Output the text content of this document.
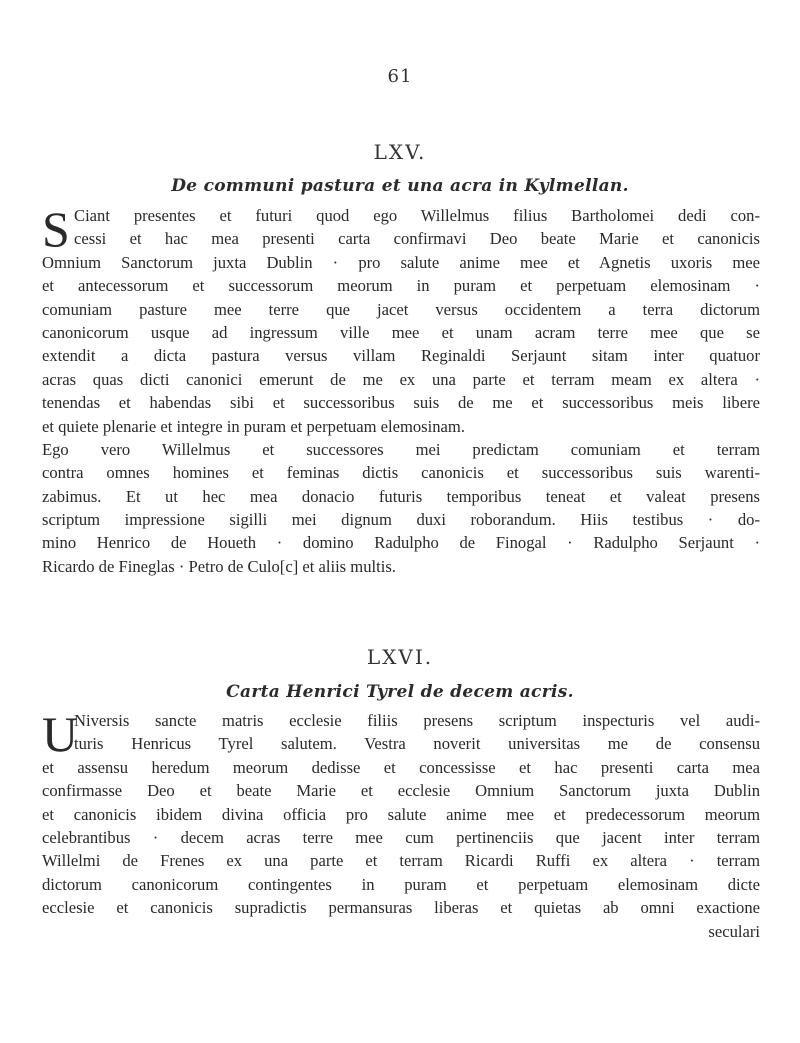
61
LXV.
De communi pastura et una acra in Kylmellan.
S Ciant presentes et futuri quod ego Willelmus filius Bartholomei dedi con-
cessi et hac mea presenti carta confirmavi Deo beate Marie et canonicis
Omnium Sanctorum juxta Dublin · pro salute anime mee et Agnetis uxoris mee
et antecessorum et successorum meorum in puram et perpetuam elemosinam ·
comuniam pasture mee terre que jacet versus occidentem a terra dictorum
canonicorum usque ad ingressum ville mee et unam acram terre mee que se
extendit a dicta pastura versus villam Reginaldi Serjaunt sitam inter quatuor
acras quas dicti canonici emerunt de me ex una parte et terram meam ex altera ·
tenendas et habendas sibi et successoribus suis de me et successoribus meis libere
et quiete plenarie et integre in puram et perpetuam elemosinam.
Ego vero Willelmus et successores mei predictam comuniam et terram
contra omnes homines et feminas dictis canonicis et successoribus suis warenti-
zabimus. Et ut hec mea donacio futuris temporibus teneat et valeat presens
scriptum impressione sigilli mei dignum duxi roborandum. Hiis testibus · do-
mino Henrico de Houeth · domino Radulpho de Finogal · Radulpho Serjaunt ·
Ricardo de Fineglas · Petro de Culo[c] et aliis multis.
LXVI.
Carta Henrici Tyrel de decem acris.
U
Niversis sancte matris ecclesie filiis presens scriptum inspecturis vel audi-
turis Henricus Tyrel salutem. Vestra noverit universitas me de consensu
et assensu heredum meorum dedisse et concessisse et hac presenti carta mea
confirmasse Deo et beate Marie et ecclesie Omnium Sanctorum juxta Dublin
et canonicis ibidem divina officia pro salute anime mee et predecessorum meorum
celebrantibus · decem acras terre mee cum pertinenciis que jacent inter terram
Willelmi de Frenes ex una parte et terram Ricardi Ruffi ex altera · terram
dictorum canonicorum contingentes in puram et perpetuam elemosinam dicte
ecclesie et canonicis supradictis permansuras liberas et quietas ab omni exactione
seculari
